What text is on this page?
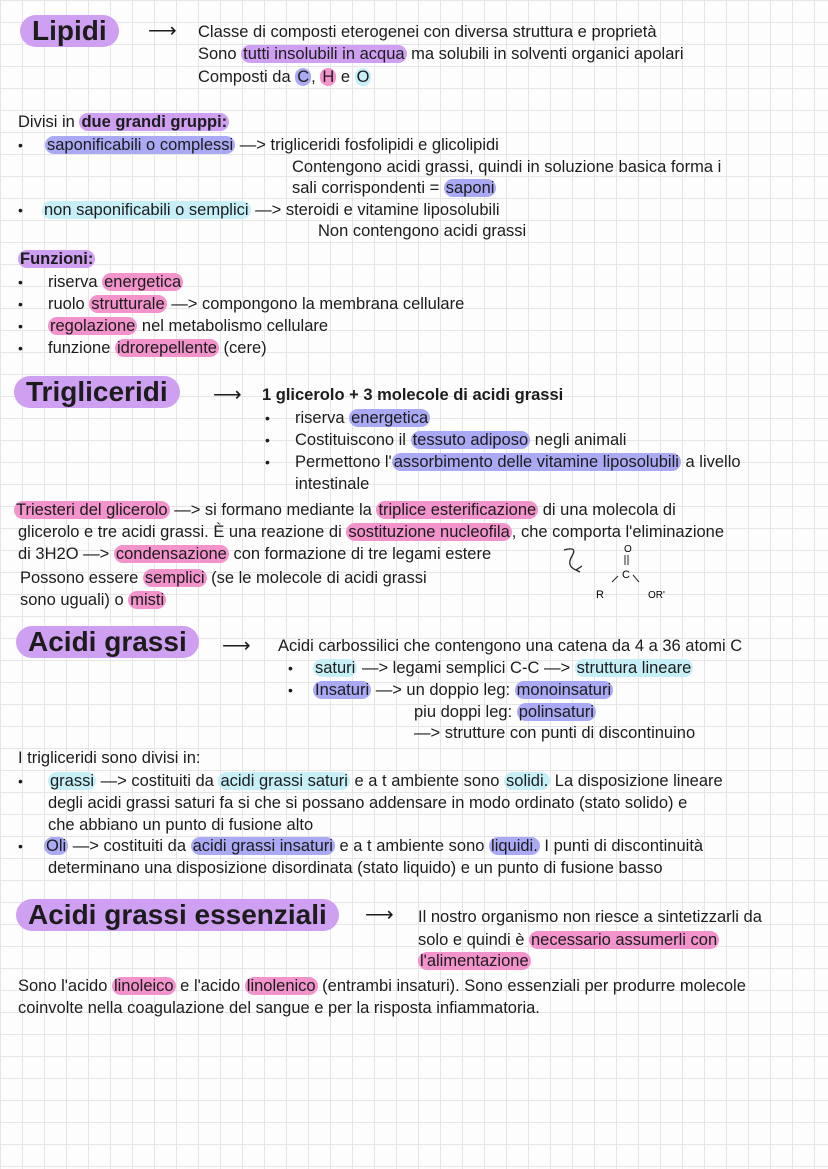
Lipidi	⟶
Trigliceridi	⟶
Acidi grassi	⟶
Acidi grassi essenziali	⟶
Classe di composti eterogenei con diversa struttura e proprietà
Sono tutti insolubili in acqua ma solubili in solventi organici apolari
Composti da C , H e O
Divisi in due grandi gruppi:
• saponificabili o complessi —> trigliceridi fosfolipidi e glicolipidi
Contengono acidi grassi, quindi in soluzione basica forma i
sali corrispondenti = saponi
• non saponificabili o semplici —> steroidi e vitamine liposolubili
Non contengono acidi grassi
Funzioni:
• riserva energetica
• ruolo strutturale —> compongono la membrana cellulare
• regolazione nel metabolismo cellulare
• funzione idrorepellente (cere)
1 glicerolo + 3 molecole di acidi grassi
• riserva energetica
• Costituiscono il tessuto adiposo negli animali
• Permettono l' assorbimento delle vitamine liposolubili a livello
intestinale
Triesteri del glicerolo —> si formano mediante la triplice esterificazione di una molecola di
glicerolo e tre acidi grassi. È una reazione di sostituzione nucleofila , che comporta l'eliminazione
di 3H2O —> condensazione con formazione di tre legami estere
Possono essere semplici (se le molecole di acidi grassi
sono uguali) o misti
Acidi carbossilici che contengono una catena da 4 a 36 atomi C
• saturi —> legami semplici C-C —> struttura lineare
• Insaturi —> un doppio leg: monoinsaturi
piu doppi leg: polinsaturi
—> strutture con punti di discontinuino
I trigliceridi sono divisi in:
• grassi —> costituiti da acidi grassi saturi e a t ambiente sono solidi. La disposizione lineare
degli acidi grassi saturi fa si che si possano addensare in modo ordinato (stato solido) e
che abbiano un punto di fusione alto
• Oli —> costituiti da acidi grassi insaturi e a t ambiente sono liquidi. I punti di discontinuità
determinano una disposizione disordinata (stato liquido) e un punto di fusione basso
Il nostro organismo non riesce a sintetizzarli da
solo e quindi è necessario assumerli con
l'alimentazione
Sono l'acido linoleico e l'acido linolenico (entrambi insaturi). Sono essenziali per produrre molecole
coinvolte nella coagulazione del sangue e per la risposta infiammatoria.
O
C
R	OR'
